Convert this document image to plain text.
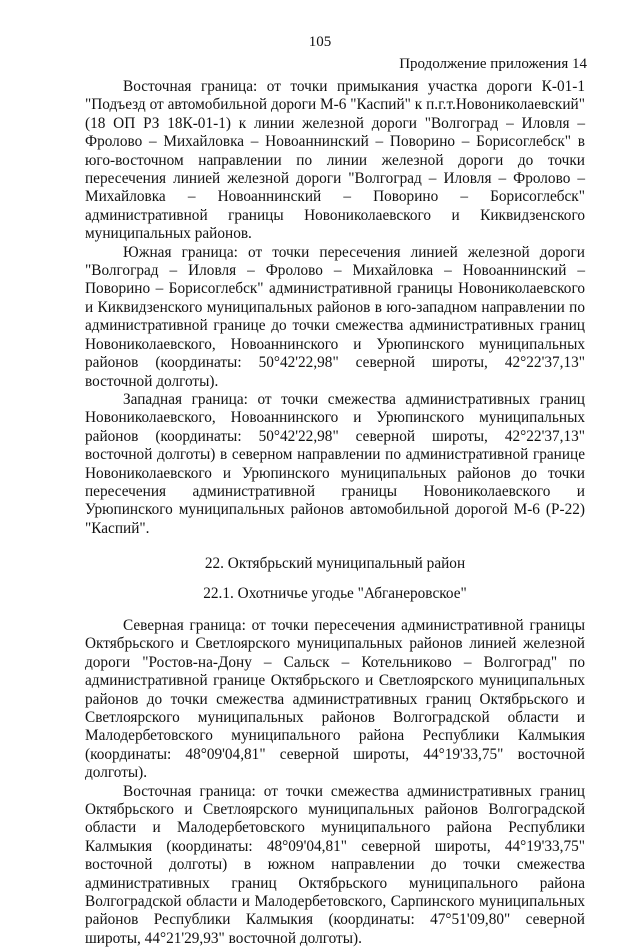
105
Продолжение приложения 14

Восточная граница: от точки примыкания участка дороги К-01-1 "Подъезд от автомобильной дороги М-6 "Каспий" к п.г.т.Новониколаевский" (18 ОП РЗ 18К-01-1) к линии железной дороги "Волгоград – Иловля – Фролово – Михайловка – Новоаннинский – Поворино – Борисоглебск" в юго-восточном направлении по линии железной дороги до точки пересечения линией железной дороги "Волгоград – Иловля – Фролово – Михайловка – Новоаннинский – Поворино – Борисоглебск" административной границы Новониколаевского и Киквидзенского муниципальных районов.

Южная граница: от точки пересечения линией железной дороги "Волгоград – Иловля – Фролово – Михайловка – Новоаннинский – Поворино – Борисоглебск" административной границы Новониколаевского и Киквидзенского муниципальных районов в юго-западном направлении по административной границе до точки смежества административных границ Новониколаевского, Новоаннинского и Урюпинского муниципальных районов (координаты: 50°42'22,98" северной широты, 42°22'37,13" восточной долготы).

Западная граница: от точки смежества административных границ Новониколаевского, Новоаннинского и Урюпинского муниципальных районов (координаты: 50°42'22,98" северной широты, 42°22'37,13" восточной долготы) в северном направлении по административной границе Новониколаевского и Урюпинского муниципальных районов до точки пересечения административной границы Новониколаевского и Урюпинского муниципальных районов автомобильной дорогой М-6 (Р-22) "Каспий".

22. Октябрьский муниципальный район
22.1. Охотничье угодье "Абганеровское"

Северная граница: от точки пересечения административной границы Октябрьского и Светлоярского муниципальных районов линией железной дороги "Ростов-на-Дону – Сальск – Котельниково – Волгоград" по административной границе Октябрьского и Светлоярского муниципальных районов до точки смежества административных границ Октябрьского и Светлоярского муниципальных районов Волгоградской области и Малодербетовского муниципального района Республики Калмыкия (координаты: 48°09'04,81" северной широты, 44°19'33,75" восточной долготы).

Восточная граница: от точки смежества административных границ Октябрьского и Светлоярского муниципальных районов Волгоградской области и Малодербетовского муниципального района Республики Калмыкия (координаты: 48°09'04,81" северной широты, 44°19'33,75" восточной долготы) в южном направлении до точки смежества административных границ Октябрьского муниципального района Волгоградской области и Малодербетовского, Сарпинского муниципальных районов Республики Калмыкия (координаты: 47°51'09,80" северной широты, 44°21'29,93" восточной долготы).
